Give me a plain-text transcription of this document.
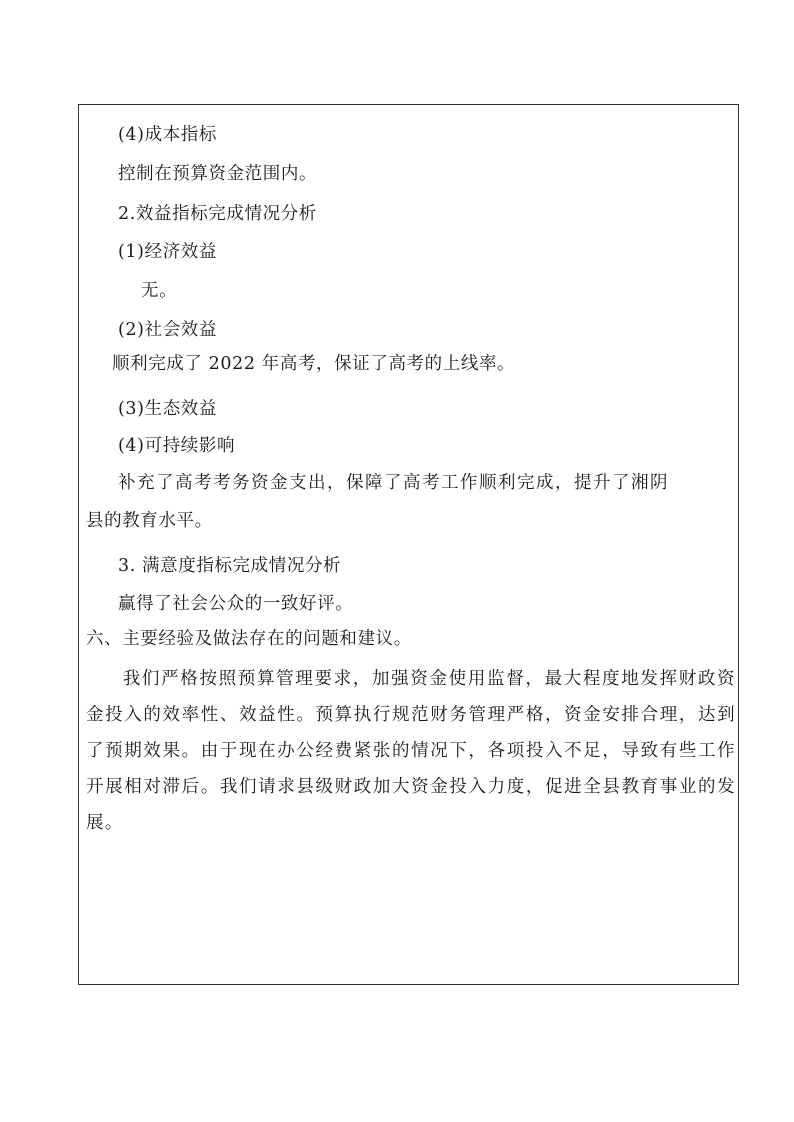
(4)成本指标
控制在预算资金范围内。
2.效益指标完成情况分析
(1)经济效益
无。
(2)社会效益
顺利完成了 2022 年高考，保证了高考的上线率。
(3)生态效益
(4)可持续影响
补充了高考考务资金支出，保障了高考工作顺利完成，提升了湘阴
县的教育水平。
3. 满意度指标完成情况分析
赢得了社会公众的一致好评。
六、主要经验及做法存在的问题和建议。
我们严格按照预算管理要求，加强资金使用监督，最大程度地发挥财政资金投入的效率性、效益性。预算执行规范财务管理严格，资金安排合理，达到了预期效果。由于现在办公经费紧张的情况下，各项投入不足，导致有些工作开展相对滞后。我们请求县级财政加大资金投入力度，促进全县教育事业的发展。
